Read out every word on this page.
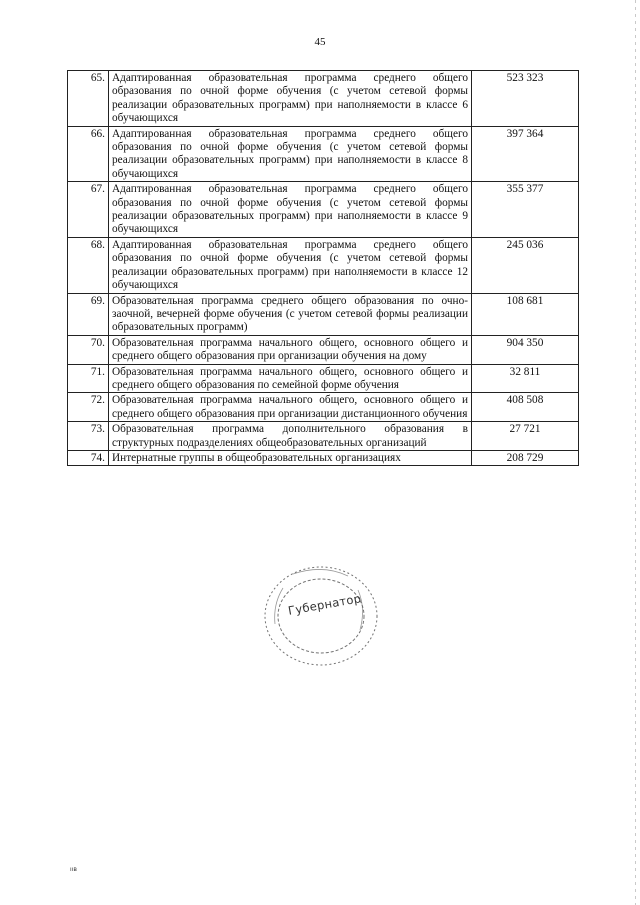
45
65.	Адаптированная образовательная программа среднего общего образования по очной форме обучения (с учетом сетевой формы реализации образовательных программ) при наполняемости в классе 6 обучающихся	523 323
66.	Адаптированная образовательная программа среднего общего образования по очной форме обучения (с учетом сетевой формы реализации образовательных программ) при наполняемости в классе 8 обучающихся	397 364
67.	Адаптированная образовательная программа среднего общего образования по очной форме обучения (с учетом сетевой формы реализации образовательных программ) при наполняемости в классе 9 обучающихся	355 377
68.	Адаптированная образовательная программа среднего общего образования по очной форме обучения (с учетом сетевой формы реализации образовательных программ) при наполняемости в классе 12 обучающихся	245 036
69.	Образовательная программа среднего общего образования по очно-заочной, вечерней форме обучения (с учетом сетевой формы реализации образовательных программ)	108 681
70.	Образовательная программа начального общего, основного общего и среднего общего образования при организации обучения на дому	904 350
71.	Образовательная программа начального общего, основного общего и среднего общего образования по семейной форме обучения	32 811
72.	Образовательная программа начального общего, основного общего и среднего общего образования при организации дистанционного обучения	408 508
73.	Образовательная программа дополнительного образования в структурных подразделениях общеобразовательных организаций	27 721
74.	Интернатные группы в общеобразовательных организациях	208 729
Губернатор
ııв
